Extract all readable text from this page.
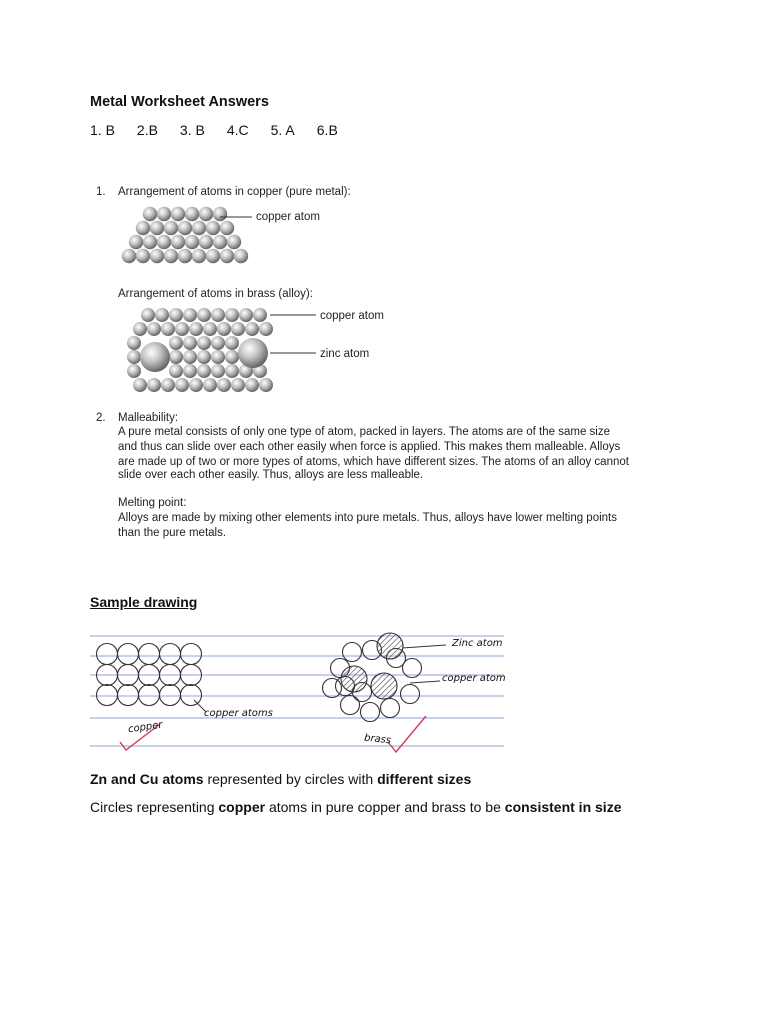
Metal Worksheet Answers
1. B 2.B 3. B 4.C 5. A 6.B
1. Arrangement of atoms in copper (pure metal):
copper atom
Arrangement of atoms in brass (alloy):
copper atom
zinc atom
2. Malleability:
A pure metal consists of only one type of atom, packed in layers. The atoms are of the same size
and thus can slide over each other easily when force is applied. This makes them malleable. Alloys
are made up of two or more types of atoms, which have different sizes. The atoms of an alloy cannot
slide over each other easily. Thus, alloys are less malleable.
Melting point:
Alloys are made by mixing other elements into pure metals. Thus, alloys have lower melting points
than the pure metals.
Sample drawing
copper
copper atoms
Zinc atom
copper atom
brass
Zn and Cu atoms represented by circles with different sizes
Circles representing copper atoms in pure copper and brass to be consistent in size
